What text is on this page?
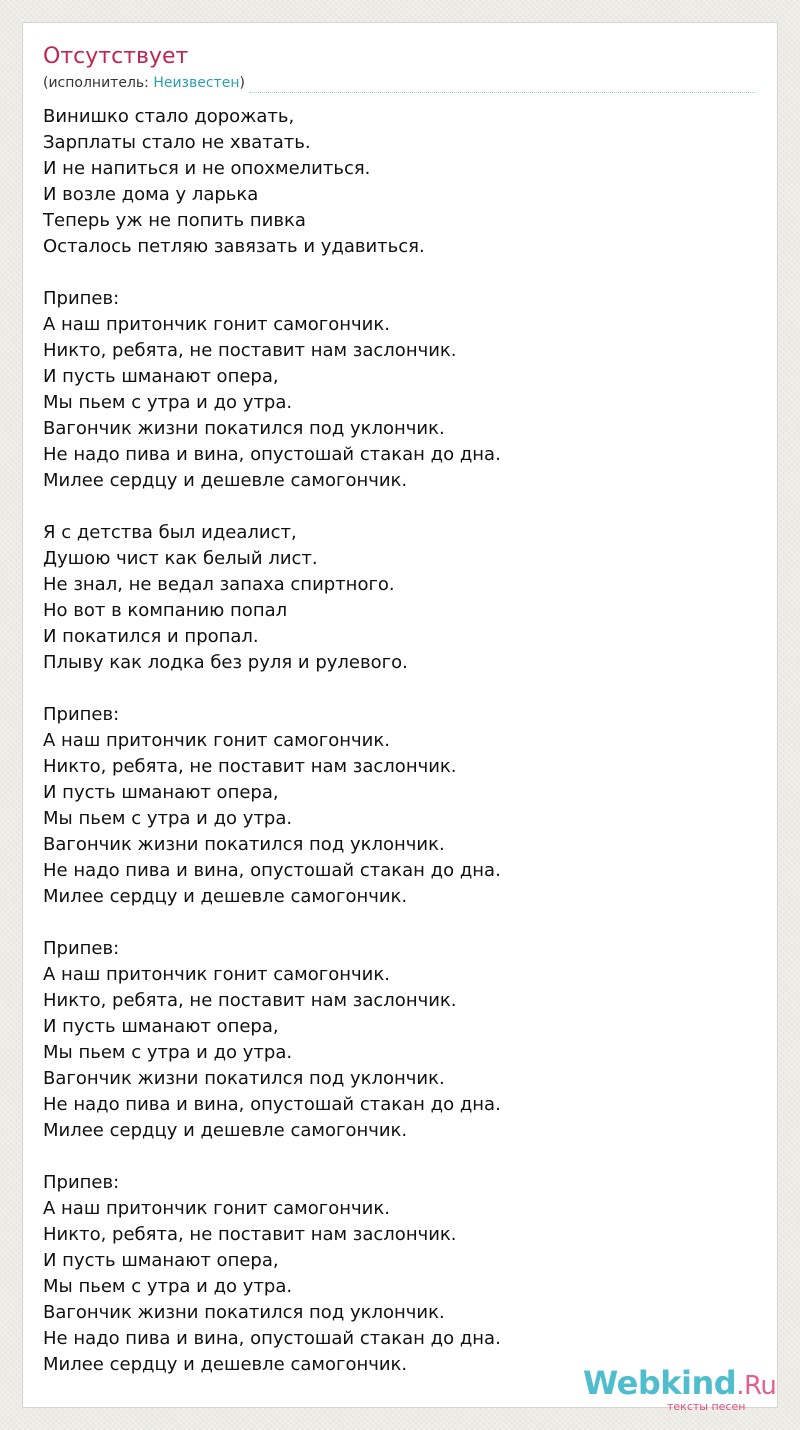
Отсутствует
(исполнитель: Неизвестен)
Винишко стало дорожать,
Зарплаты стало не хватать.
И не напиться и не опохмелиться.
И возле дома у ларька
Теперь уж не попить пивка
Осталось петляю завязать и удавиться.
Припев:
А наш притончик гонит самогончик.
Никто, ребята, не поставит нам заслончик.
И пусть шманают опера,
Мы пьем с утра и до утра.
Вагончик жизни покатился под уклончик.
Не надо пива и вина, опустошай стакан до дна.
Милее сердцу и дешевле самогончик.
Я с детства был идеалист,
Душою чист как белый лист.
Не знал, не ведал запаха спиртного.
Но вот в компанию попал
И покатился и пропал.
Плыву как лодка без руля и рулевого.
Припев:
А наш притончик гонит самогончик.
Никто, ребята, не поставит нам заслончик.
И пусть шманают опера,
Мы пьем с утра и до утра.
Вагончик жизни покатился под уклончик.
Не надо пива и вина, опустошай стакан до дна.
Милее сердцу и дешевле самогончик.
Припев:
А наш притончик гонит самогончик.
Никто, ребята, не поставит нам заслончик.
И пусть шманают опера,
Мы пьем с утра и до утра.
Вагончик жизни покатился под уклончик.
Не надо пива и вина, опустошай стакан до дна.
Милее сердцу и дешевле самогончик.
Припев:
А наш притончик гонит самогончик.
Никто, ребята, не поставит нам заслончик.
И пусть шманают опера,
Мы пьем с утра и до утра.
Вагончик жизни покатился под уклончик.
Не надо пива и вина, опустошай стакан до дна.
Милее сердцу и дешевле самогончик.	Webkind.Ru
тексты песен
